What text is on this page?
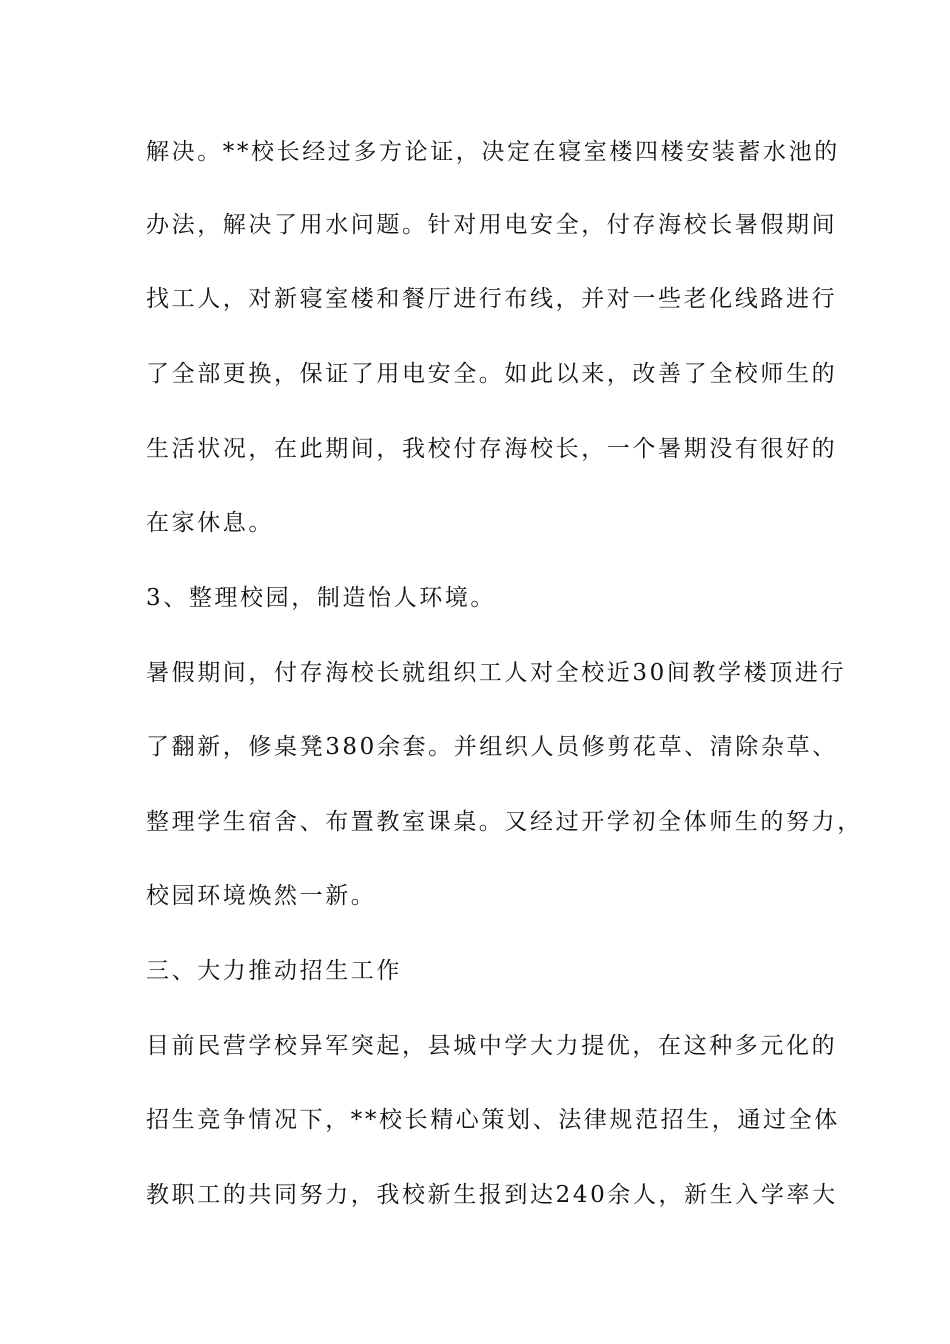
解决。**校长经过多方论证，决定在寝室楼四楼安装蓄水池的
办法，解决了用水问题。针对用电安全，付存海校长暑假期间
找工人，对新寝室楼和餐厅进行布线，并对一些老化线路进行
了全部更换，保证了用电安全。如此以来，改善了全校师生的
生活状况，在此期间，我校付存海校长，一个暑期没有很好的
在家休息。
3、整理校园，制造怡人环境。
暑假期间，付存海校长就组织工人对全校近30间教学楼顶进行
了翻新，修桌凳380余套。并组织人员修剪花草、清除杂草、
整理学生宿舍、布置教室课桌。又经过开学初全体师生的努力，
校园环境焕然一新。
三、大力推动招生工作
目前民营学校异军突起，县城中学大力提优，在这种多元化的
招生竞争情况下，**校长精心策划、法律规范招生，通过全体
教职工的共同努力，我校新生报到达240余人，新生入学率大
